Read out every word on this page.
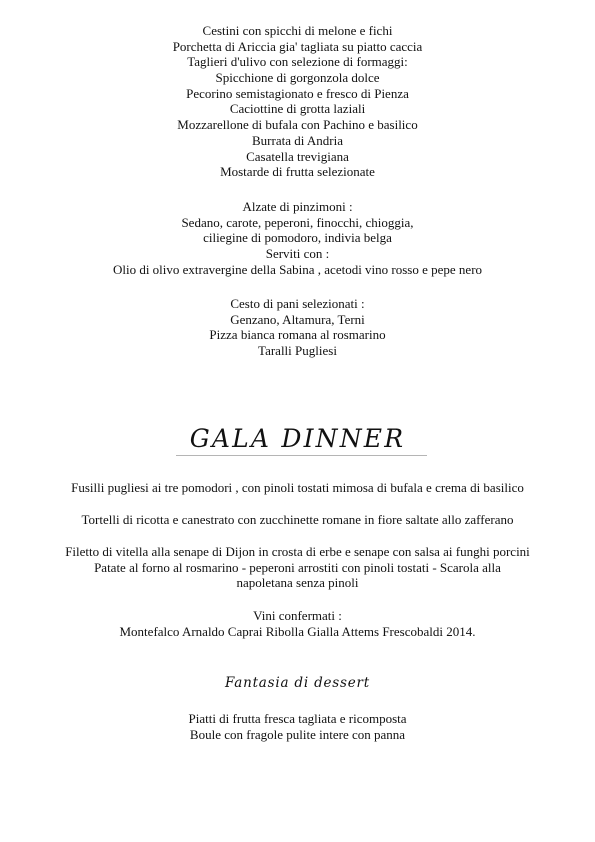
Cestini con spicchi di melone e fichi
Porchetta di Ariccia gia' tagliata su piatto caccia
Taglieri d'ulivo con selezione di formaggi:
Spicchione di gorgonzola dolce
Pecorino semistagionato e fresco di Pienza
Caciottine di grotta laziali
Mozzarellone di bufala con Pachino e basilico
Burrata di Andria
Casatella trevigiana
Mostarde di frutta selezionate
Alzate di pinzimoni :
Sedano, carote, peperoni, finocchi, chioggia,
ciliegine di pomodoro, indivia belga
Serviti con :
Olio di olivo extravergine della Sabina , acetodi vino rosso e pepe nero
Cesto di pani selezionati :
Genzano, Altamura, Terni
Pizza bianca romana al rosmarino
Taralli Pugliesi
GALA DINNER
Fusilli pugliesi ai tre pomodori , con pinoli tostati mimosa di bufala e crema di basilico
Tortelli di ricotta e canestrato con zucchinette romane in fiore saltate allo zafferano
Filetto di vitella alla senape di Dijon in crosta di erbe e senape con salsa ai funghi porcini
Patate al forno al rosmarino - peperoni arrostiti con pinoli tostati - Scarola alla
napoletana senza pinoli
Vini confermati :
Montefalco Arnaldo Caprai Ribolla Gialla Attems Frescobaldi 2014.
Fantasia di dessert
Piatti di frutta fresca tagliata e ricomposta
Boule con fragole pulite intere con panna
